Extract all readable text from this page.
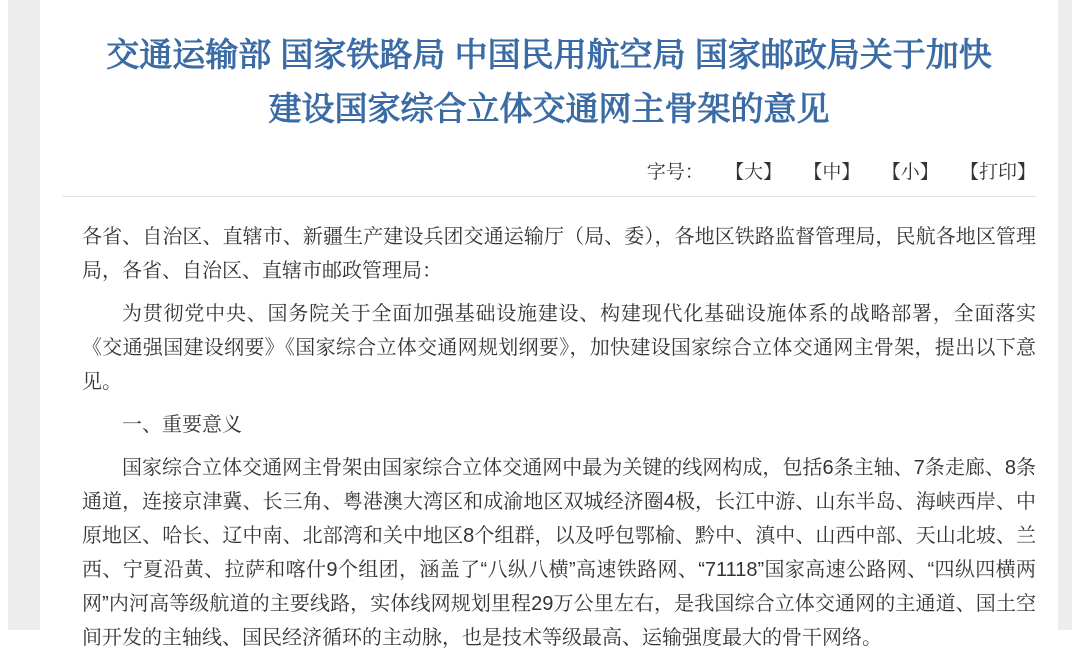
交通运输部 国家铁路局 中国民用航空局 国家邮政局关于加快
建设国家综合立体交通网主骨架的意见
字号： 【大】 【中】 【小】 【打印】

各省、自治区、直辖市、新疆生产建设兵团交通运输厅（局、委），各地区铁路监督管理局，民航各地区管理局，各省、自治区、直辖市邮政管理局：

为贯彻党中央、国务院关于全面加强基础设施建设、构建现代化基础设施体系的战略部署，全面落实《交通强国建设纲要》《国家综合立体交通网规划纲要》，加快建设国家综合立体交通网主骨架，提出以下意见。

一、重要意义

国家综合立体交通网主骨架由国家综合立体交通网中最为关键的线网构成，包括6条主轴、7条走廊、8条通道，连接京津冀、长三角、粤港澳大湾区和成渝地区双城经济圈4极，长江中游、山东半岛、海峡西岸、中原地区、哈长、辽中南、北部湾和关中地区8个组群，以及呼包鄂榆、黔中、滇中、山西中部、天山北坡、兰西、宁夏沿黄、拉萨和喀什9个组团，涵盖了“八纵八横”高速铁路网、“71118”国家高速公路网、“四纵四横两网”内河高等级航道的主要线路，实体线网规划里程29万公里左右，是我国综合立体交通网的主通道、国土空间开发的主轴线、国民经济循环的主动脉，也是技术等级最高、运输强度最大的骨干网络。
